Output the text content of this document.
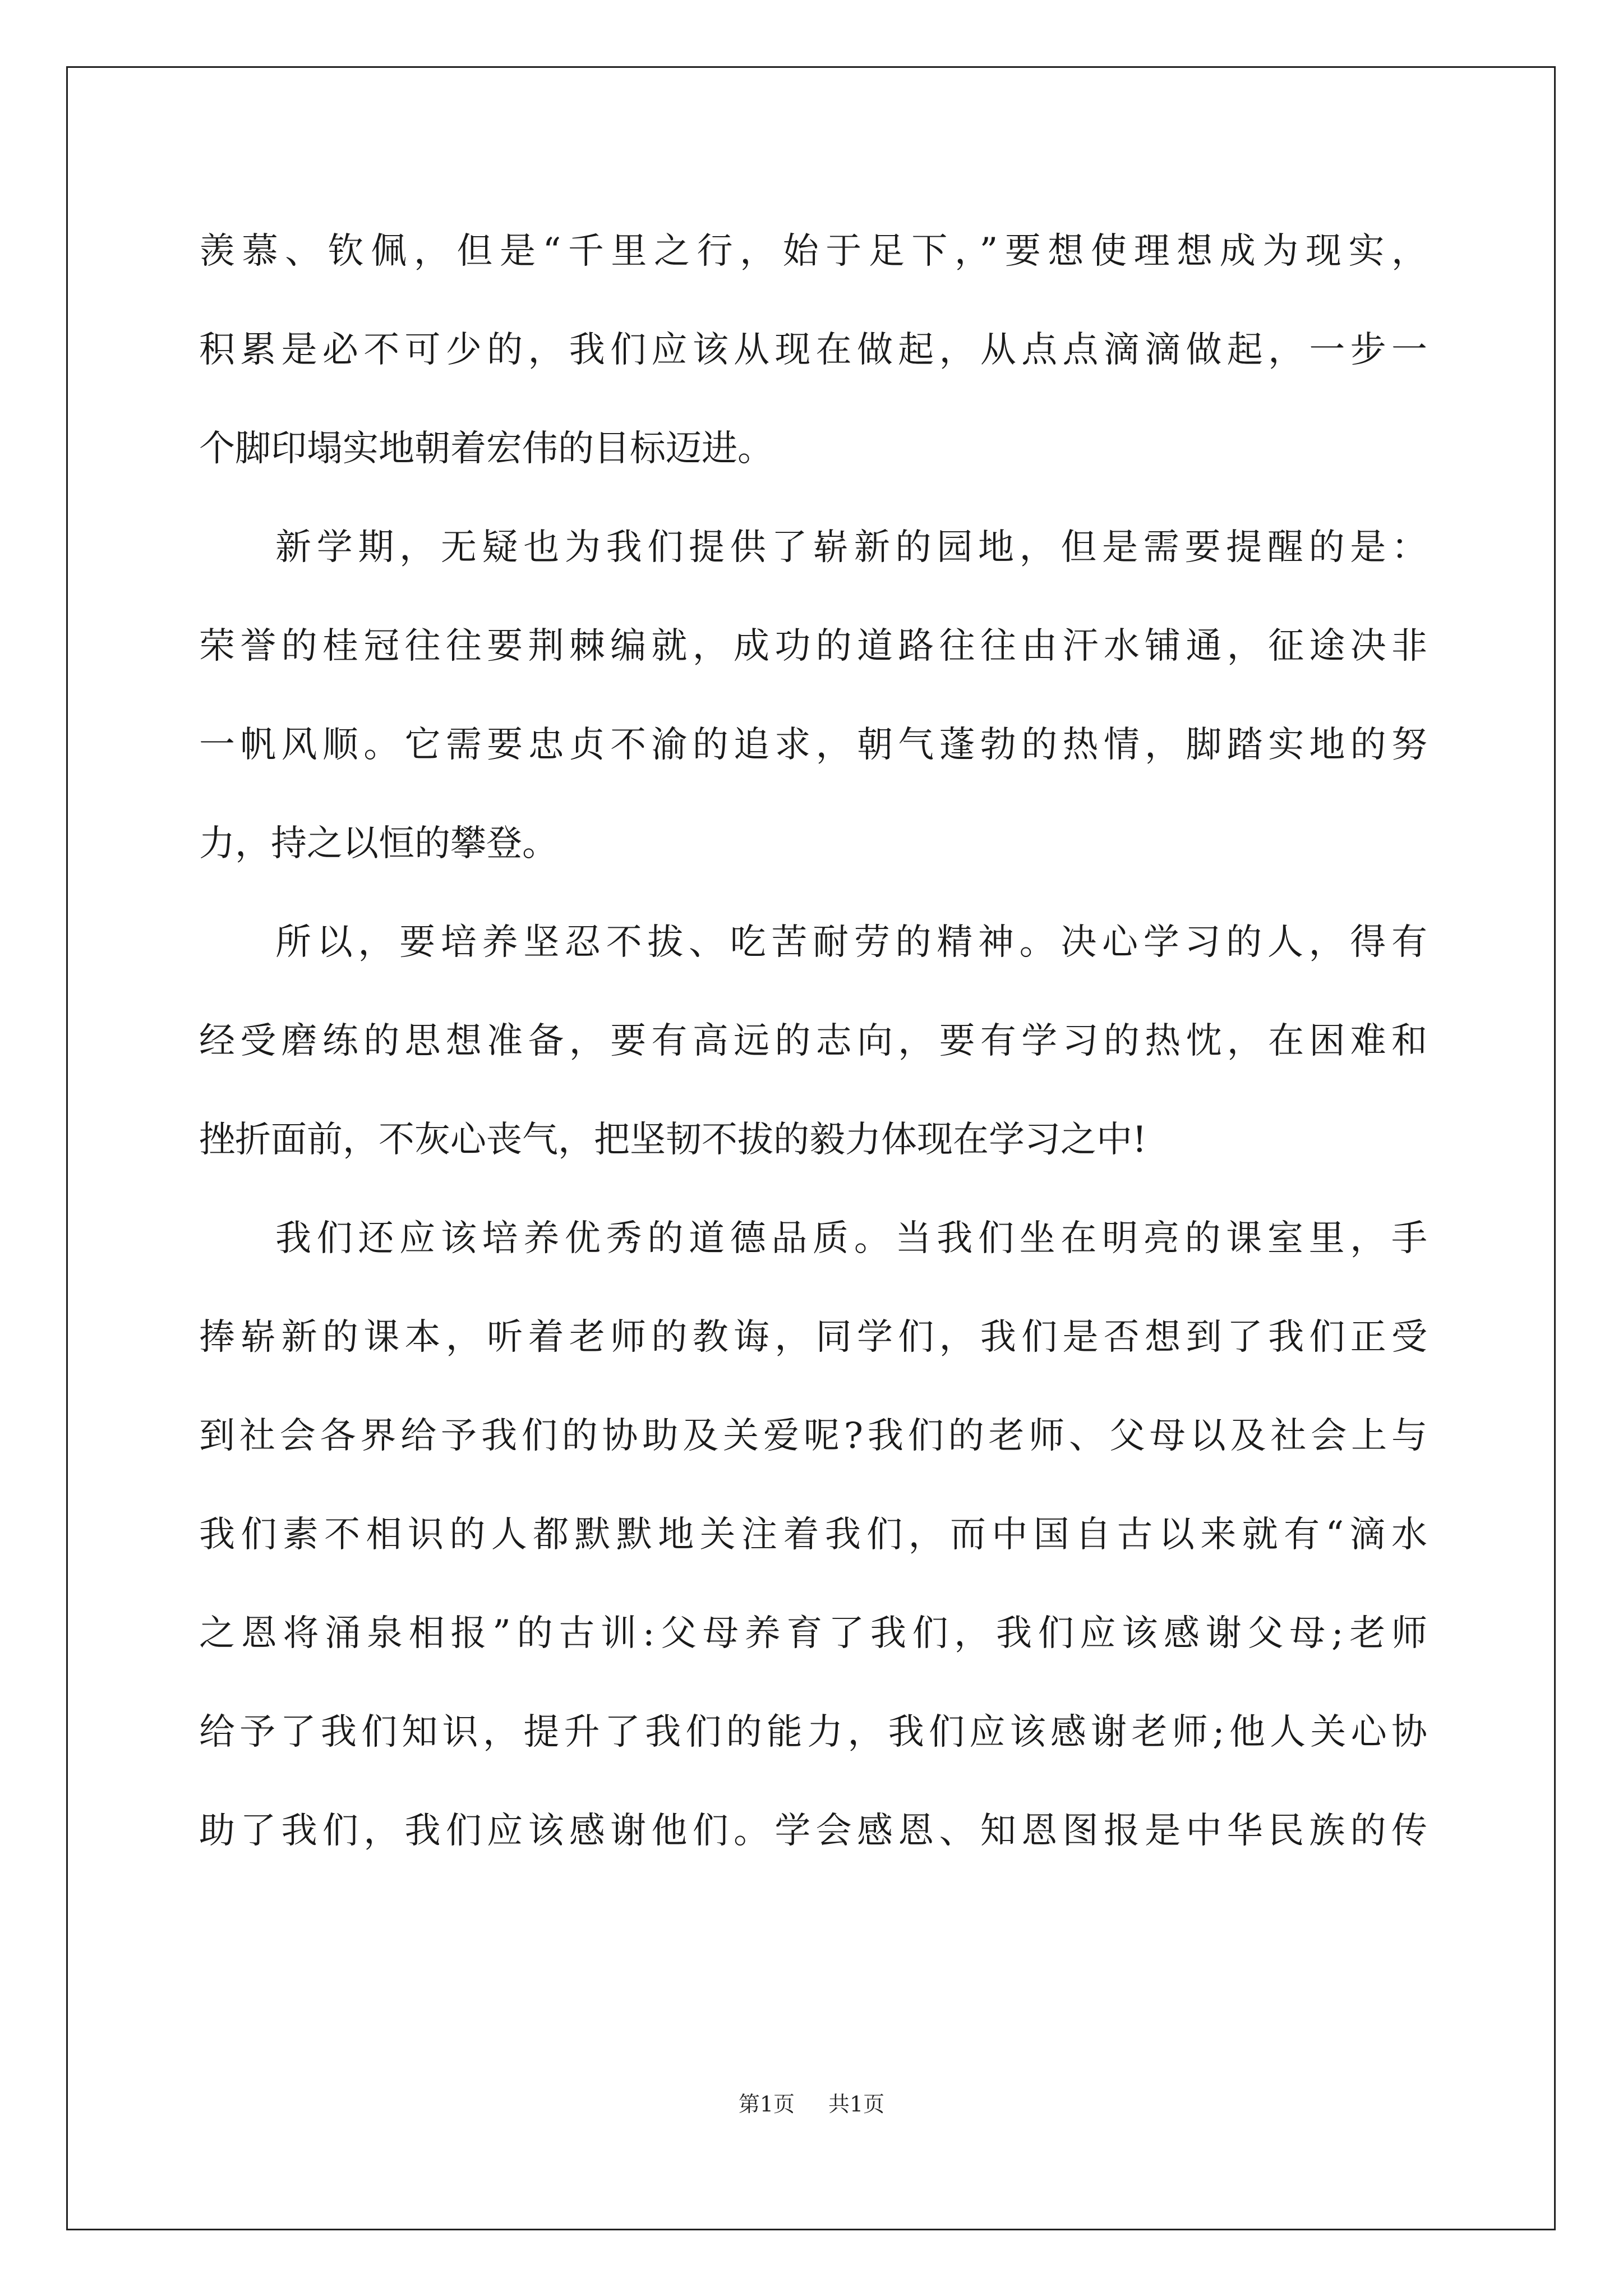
羡慕、钦佩，但是“千里之行，始于足下，”要想使理想成为现实，
积累是必不可少的，我们应该从现在做起，从点点滴滴做起，一步一
个脚印塌实地朝着宏伟的目标迈进。
新学期，无疑也为我们提供了崭新的园地，但是需要提醒的是：
荣誉的桂冠往往要荆棘编就，成功的道路往往由汗水铺通，征途决非
一帆风顺。它需要忠贞不渝的追求，朝气蓬勃的热情，脚踏实地的努
力，持之以恒的攀登。
所以，要培养坚忍不拔、吃苦耐劳的精神。决心学习的人，得有
经受磨练的思想准备，要有高远的志向，要有学习的热忱，在困难和
挫折面前，不灰心丧气，把坚韧不拔的毅力体现在学习之中!
我们还应该培养优秀的道德品质。当我们坐在明亮的课室里，手
捧崭新的课本，听着老师的教诲，同学们，我们是否想到了我们正受
到社会各界给予我们的协助及关爱呢?我们的老师、父母以及社会上与
我们素不相识的人都默默地关注着我们，而中国自古以来就有“滴水
之恩将涌泉相报”的古训:父母养育了我们，我们应该感谢父母;老师
给予了我们知识，提升了我们的能力，我们应该感谢老师;他人关心协
助了我们，我们应该感谢他们。学会感恩、知恩图报是中华民族的传
第1页 共1页
